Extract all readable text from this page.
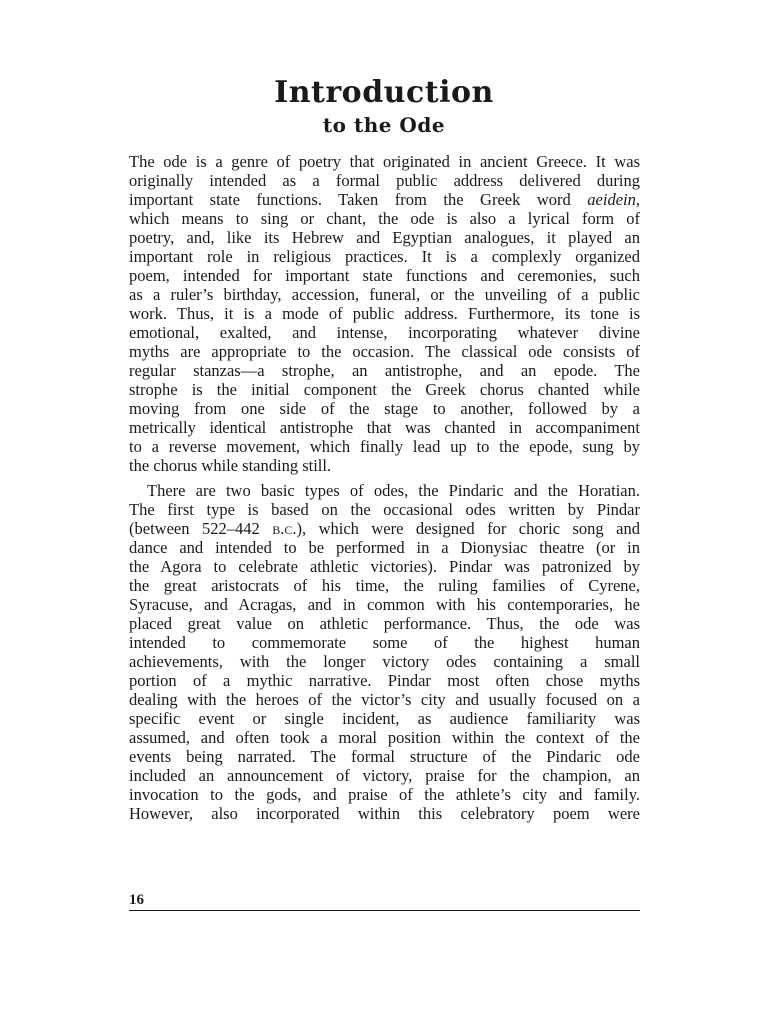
Introduction
to the Ode

The ode is a genre of poetry that originated in ancient Greece. It was
originally intended as a formal public address delivered during
important state functions. Taken from the Greek word aeidein,
which means to sing or chant, the ode is also a lyrical form of
poetry, and, like its Hebrew and Egyptian analogues, it played an
important role in religious practices. It is a complexly organized
poem, intended for important state functions and ceremonies, such
as a ruler’s birthday, accession, funeral, or the unveiling of a public
work. Thus, it is a mode of public address. Furthermore, its tone is
emotional, exalted, and intense, incorporating whatever divine
myths are appropriate to the occasion. The classical ode consists of
regular stanzas—a strophe, an antistrophe, and an epode. The
strophe is the initial component the Greek chorus chanted while
moving from one side of the stage to another, followed by a
metrically identical antistrophe that was chanted in accompaniment
to a reverse movement, which finally lead up to the epode, sung by
the chorus while standing still.

There are two basic types of odes, the Pindaric and the Horatian.
The first type is based on the occasional odes written by Pindar
(between 522–442 b.c.), which were designed for choric song and
dance and intended to be performed in a Dionysiac theatre (or in
the Agora to celebrate athletic victories). Pindar was patronized by
the great aristocrats of his time, the ruling families of Cyrene,
Syracuse, and Acragas, and in common with his contemporaries, he
placed great value on athletic performance. Thus, the ode was
intended to commemorate some of the highest human
achievements, with the longer victory odes containing a small
portion of a mythic narrative. Pindar most often chose myths
dealing with the heroes of the victor’s city and usually focused on a
specific event or single incident, as audience familiarity was
assumed, and often took a moral position within the context of the
events being narrated. The formal structure of the Pindaric ode
included an announcement of victory, praise for the champion, an
invocation to the gods, and praise of the athlete’s city and family.
However, also incorporated within this celebratory poem were

16
